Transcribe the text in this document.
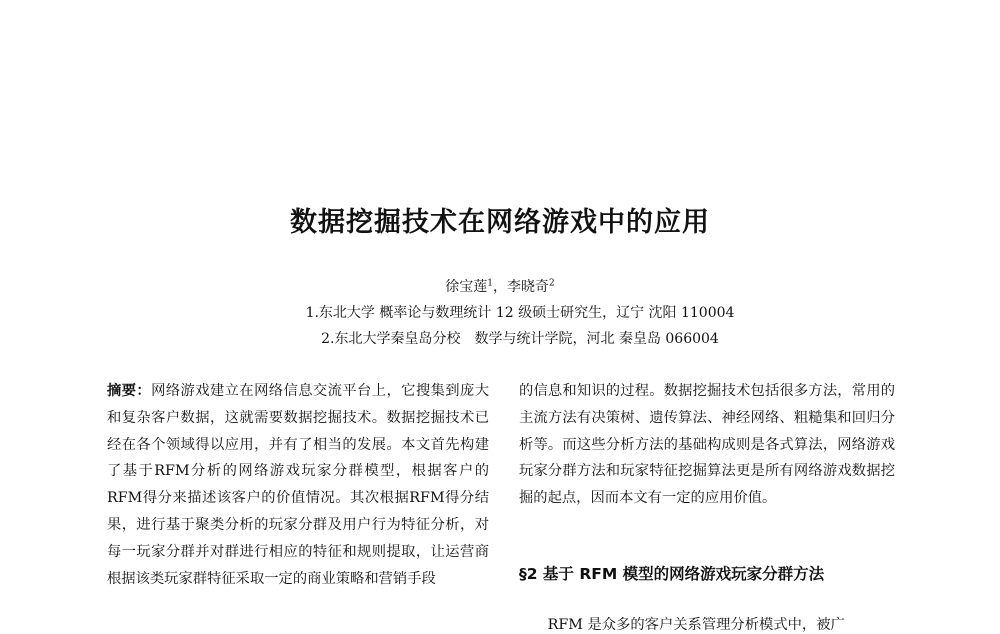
数据挖掘技术在网络游戏中的应用
徐宝莲$^1$，李晓奇$^2$
1.东北大学 概率论与数理统计 12 级硕士研究生，辽宁 沈阳 110004
2.东北大学秦皇岛分校　数学与统计学院，河北 秦皇岛 066004
摘要：网络游戏建立在网络信息交流平台上，它搜集到庞大和复杂客户数据，这就需要数据挖掘技术。数据挖掘技术已经在各个领域得以应用，并有了相当的发展。本文首先构建了基于RFM分析的网络游戏玩家分群模型，根据客户的RFM得分来描述该客户的价值情况。其次根据RFM得分结果，进行基于聚类分析的玩家分群及用户行为特征分析，对每一玩家分群并对群进行相应的特征和规则提取，让运营商根据该类玩家群特征采取一定的商业策略和营销手段
的信息和知识的过程。数据挖掘技术包括很多方法，常用的主流方法有决策树、遗传算法、神经网络、粗糙集和回归分析等。而这些分析方法的基础构成则是各式算法，网络游戏玩家分群方法和玩家特征挖掘算法更是所有网络游戏数据挖掘的起点，因而本文有一定的应用价值。
§2 基于 RFM 模型的网络游戏玩家分群方法
RFM 是众多的客户关系管理分析模式中，被广
